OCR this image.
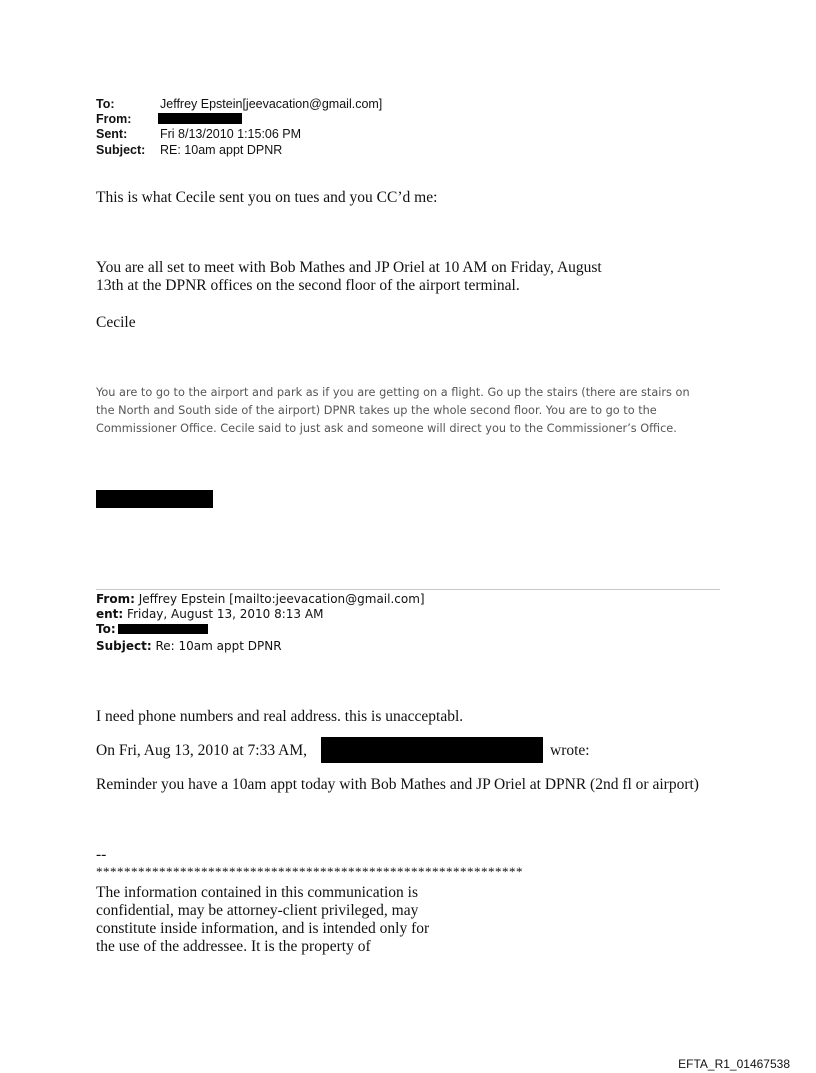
To:	Jeffrey Epstein[jeevacation@gmail.com]
From:
Sent:	Fri 8/13/2010 1:15:06 PM
Subject: RE: 10am appt DPNR
This is what Cecile sent you on tues and you CC’d me:
You are all set to meet with Bob Mathes and JP Oriel at 10 AM on Friday, August
13th at the DPNR offices on the second floor of the airport terminal.
Cecile
You are to go to the airport and park as if you are getting on a flight. Go up the stairs (there are stairs on
the North and South side of the airport) DPNR takes up the whole second floor. You are to go to the
Commissioner Office. Cecile said to just ask and someone will direct you to the Commissioner’s Office.
From: Jeffrey Epstein [mailto:jeevacation@gmail.com]
ent: Friday, August 13, 2010 8:13 AM
To:
Subject: Re: 10am appt DPNR
I need phone numbers and real address. this is unacceptabl.
On Fri, Aug 13, 2010 at 7:33 AM,	wrote:
Reminder you have a 10am appt today with Bob Mathes and JP Oriel at DPNR (2nd fl or airport)
--
*************************************************************
The information contained in this communication is
confidential, may be attorney-client privileged, may
constitute inside information, and is intended only for
the use of the addressee. It is the property of
EFTA_R1_01467538
